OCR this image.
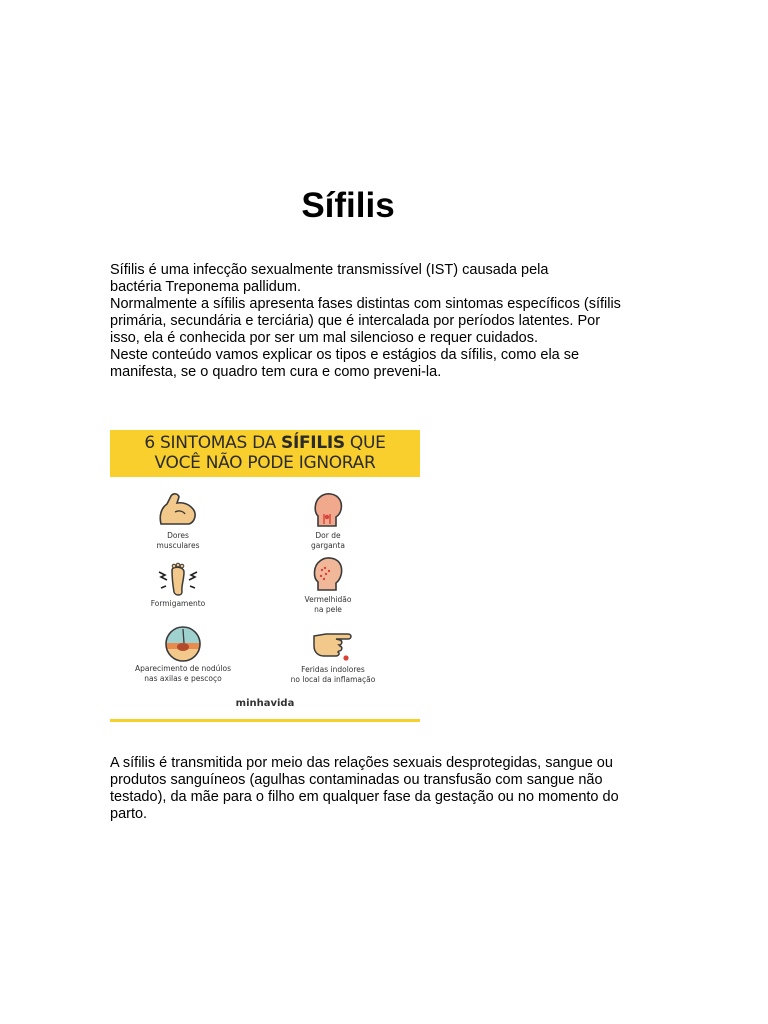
Sífilis

Sífilis é uma infecção sexualmente transmissível (IST) causada pela
bactéria Treponema pallidum.
Normalmente a sífilis apresenta fases distintas com sintomas específicos (sífilis
primária, secundária e terciária) que é intercalada por períodos latentes. Por
isso, ela é conhecida por ser um mal silencioso e requer cuidados.
Neste conteúdo vamos explicar os tipos e estágios da sífilis, como ela se
manifesta, se o quadro tem cura e como preveni-la.

6 SINTOMAS DA SÍFILIS QUE
VOCÊ NÃO PODE IGNORAR
Dores
musculares
Dor de
garganta
Formigamento	Vermelhidão
na pele
Aparecimento de nodúlos
nas axilas e pescoço
Feridas indolores
no local da inflamação
minhavida

A sífilis é transmitida por meio das relações sexuais desprotegidas, sangue ou
produtos sanguíneos (agulhas contaminadas ou transfusão com sangue não
testado), da mãe para o filho em qualquer fase da gestação ou no momento do
parto.
